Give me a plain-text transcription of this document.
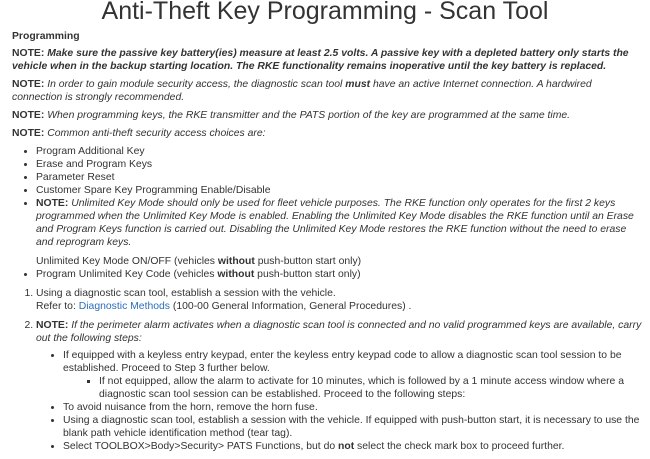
Anti-Theft Key Programming - Scan Tool
Programming

NOTE: Make sure the passive key battery(ies) measure at least 2.5 volts. A passive key with a depleted battery only starts the vehicle when in the backup starting location. The RKE functionality remains inoperative until the key battery is replaced.

NOTE: In order to gain module security access, the diagnostic scan tool must have an active Internet connection. A hardwired connection is strongly recommended.

NOTE: When programming keys, the RKE transmitter and the PATS portion of the key are programmed at the same time.

NOTE: Common anti-theft security access choices are:

• Program Additional Key
• Erase and Program Keys
• Parameter Reset
• Customer Spare Key Programming Enable/Disable
• NOTE: Unlimited Key Mode should only be used for fleet vehicle purposes. The RKE function only operates for the first 2 keys programmed when the Unlimited Key Mode is enabled. Enabling the Unlimited Key Mode disables the RKE function until an Erase and Program Keys function is carried out. Disabling the Unlimited Key Mode restores the RKE function without the need to erase and reprogram keys.
Unlimited Key Mode ON/OFF (vehicles without push-button start only)
• Program Unlimited Key Code (vehicles without push-button start only)
1. Using a diagnostic scan tool, establish a session with the vehicle.
Refer to: Diagnostic Methods (100-00 General Information, General Procedures) .
2. NOTE: If the perimeter alarm activates when a diagnostic scan tool is connected and no valid programmed keys are available, carry out the following steps:
• If equipped with a keyless entry keypad, enter the keyless entry keypad code to allow a diagnostic scan tool session to be established. Proceed to Step 3 further below.
▪ If not equipped, allow the alarm to activate for 10 minutes, which is followed by a 1 minute access window where a diagnostic scan tool session can be established. Proceed to the following steps:
• To avoid nuisance from the horn, remove the horn fuse.
• Using a diagnostic scan tool, establish a session with the vehicle. If equipped with push-button start, it is necessary to use the blank path vehicle identification method (tear tag).
• Select TOOLBOX>Body>Security> PATS Functions, but do not select the check mark box to proceed further.
